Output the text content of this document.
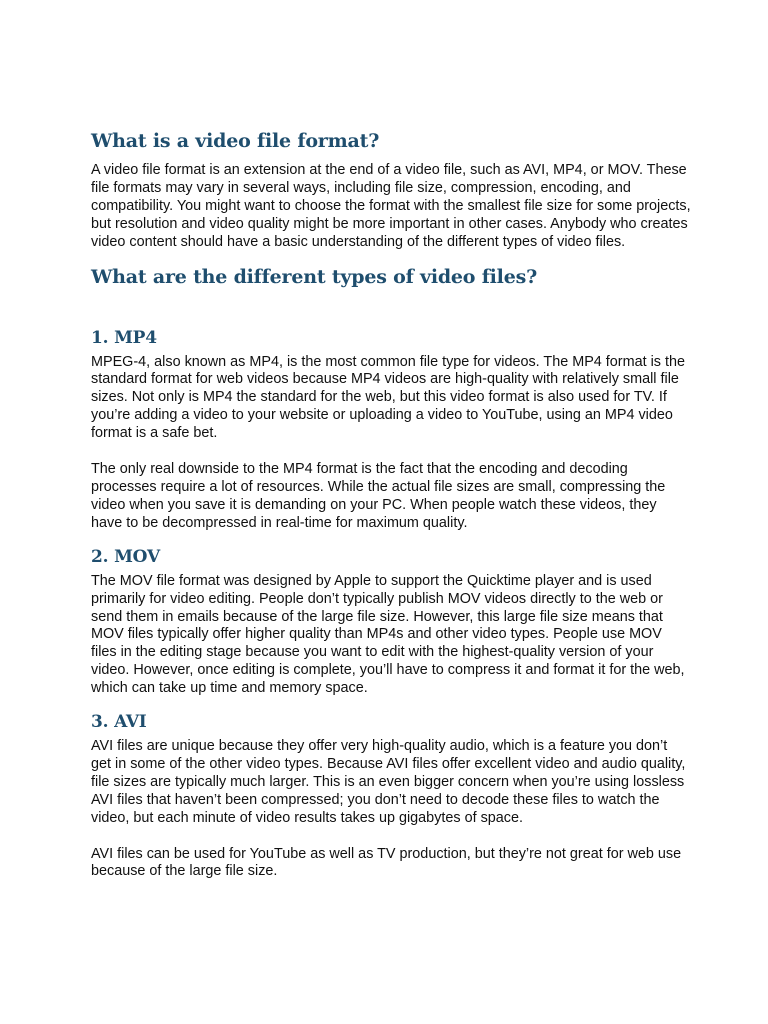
What is a video file format?

A video file format is an extension at the end of a video file, such as AVI, MP4, or MOV. These file formats may vary in several ways, including file size, compression, encoding, and compatibility. You might want to choose the format with the smallest file size for some projects, but resolution and video quality might be more important in other cases. Anybody who creates video content should have a basic understanding of the different types of video files.

What are the different types of video files?
1. MP4

MPEG-4, also known as MP4, is the most common file type for videos. The MP4 format is the standard format for web videos because MP4 videos are high-quality with relatively small file sizes. Not only is MP4 the standard for the web, but this video format is also used for TV. If you’re adding a video to your website or uploading a video to YouTube, using an MP4 video format is a safe bet.

The only real downside to the MP4 format is the fact that the encoding and decoding processes require a lot of resources. While the actual file sizes are small, compressing the video when you save it is demanding on your PC. When people watch these videos, they have to be decompressed in real-time for maximum quality.

2. MOV

The MOV file format was designed by Apple to support the Quicktime player and is used primarily for video editing. People don’t typically publish MOV videos directly to the web or send them in emails because of the large file size. However, this large file size means that MOV files typically offer higher quality than MP4s and other video types. People use MOV files in the editing stage because you want to edit with the highest-quality version of your video. However, once editing is complete, you’ll have to compress it and format it for the web, which can take up time and memory space.

3. AVI

AVI files are unique because they offer very high-quality audio, which is a feature you don’t get in some of the other video types. Because AVI files offer excellent video and audio quality, file sizes are typically much larger. This is an even bigger concern when you’re using lossless AVI files that haven’t been compressed; you don’t need to decode these files to watch the video, but each minute of video results takes up gigabytes of space.

AVI files can be used for YouTube as well as TV production, but they’re not great for web use because of the large file size.
